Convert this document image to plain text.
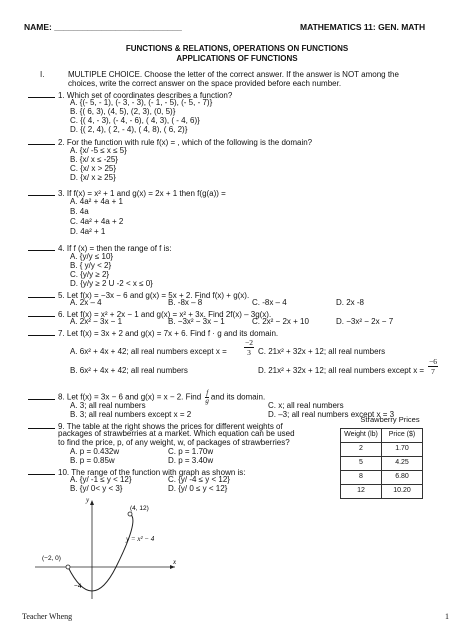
NAME: ___________________________	MATHEMATICS 11: GEN. MATH
FUNCTIONS & RELATIONS, OPERATIONS ON FUNCTIONS
APPLICATIONS OF FUNCTIONS
I.	MULTIPLE CHOICE. Choose the letter of the correct answer. If the answer is NOT among the
choices, write the correct answer on the space provided before each number.
1. Which set of coordinates describes a function?
A. {(- 5, - 1), (- 3, - 3), (- 1, - 5), (- 5, - 7)}
B. {( 6, 3), (4, 5), (2, 3), (0, 5)}
C. {( 4, - 3), (- 4, - 6), ( 4, 3), ( - 4, 6)}
D. {( 2, 4), ( 2, - 4), ( 4, 8), ( 6, 2)}
2. For the function with rule f(x) = , which of the following is the domain?
A. {x/ -5 ≤ x ≤ 5}
B. {x/ x ≤ -25}
C. {x/ x > 25}
D. {x/ x ≥ 25}
3. If f(x) = x² + 1 and g(x) = 2x + 1 then f(g(a)) =
A. 4a² + 4a + 1
B. 4a
C. 4a² + 4a + 2
D. 4a² + 1
4. If f (x) = then the range of f is:
A. {y/y ≤ 10}
B. { y/y < 2}
C. {y/y ≥ 2}
D. {y/y ≥ 2 U -2 < x ≤ 0}
5. Let f(x) = −3x − 6 and g(x) = 5x + 2. Find f(x) + g(x).
A. 2x – 4	B. -8x – 8	C. -8x – 4	D. 2x -8
6. Let f(x) = x² + 2x − 1 and g(x) = x² + 3x. Find 2f(x) – 3g(x).
A. 2x² − 3x − 1	B. −3x² − 3x − 1	C. 2x² − 2x + 10	D. −3x² − 2x − 7
7. Let f(x) = 3x + 2 and g(x) = 7x + 6. Find f · g and its domain.
A. 6x² + 4x + 42; all real numbers except x =
−2
3 C. 21x² + 32x + 12; all real numbers
B. 6x² + 4x + 42; all real numbers	D. 21x² + 32x + 12; all real numbers except x =
−6
7
8. Let f(x) = 3x − 6 and g(x) = x − 2. Find $\frac{f}{g}$ and its domain.
A. 3; all real numbers
B. 3; all real numbers except x = 2
C. x; all real numbers
D. –3; all real numbers except x = 3
9. The table at the right shows the prices for different weights of
packages of strawberries at a market. Which equation can be used
to find the price, p, of any weight, w, of packages of strawberries?
A. p = 0.432w
B. p = 0.85w
C. p = 1.70w
D. p = 3.40w
10. The range of the function with graph as shown is:
A. {y/ -1 ≤ y < 12}
B. {y/ 0< y < 3}
C. {y/ -4 ≤ y < 12}
D. {y/ 0 ≤ y < 12}
Strawberry Prices
Weight (lb)	Price ($)
2	1.70
5	4.25
8	6.80
12	10.20
y
x
(4, 12)
(−2, 0)
−4
y = x² − 4
Teacher Wheng	1
